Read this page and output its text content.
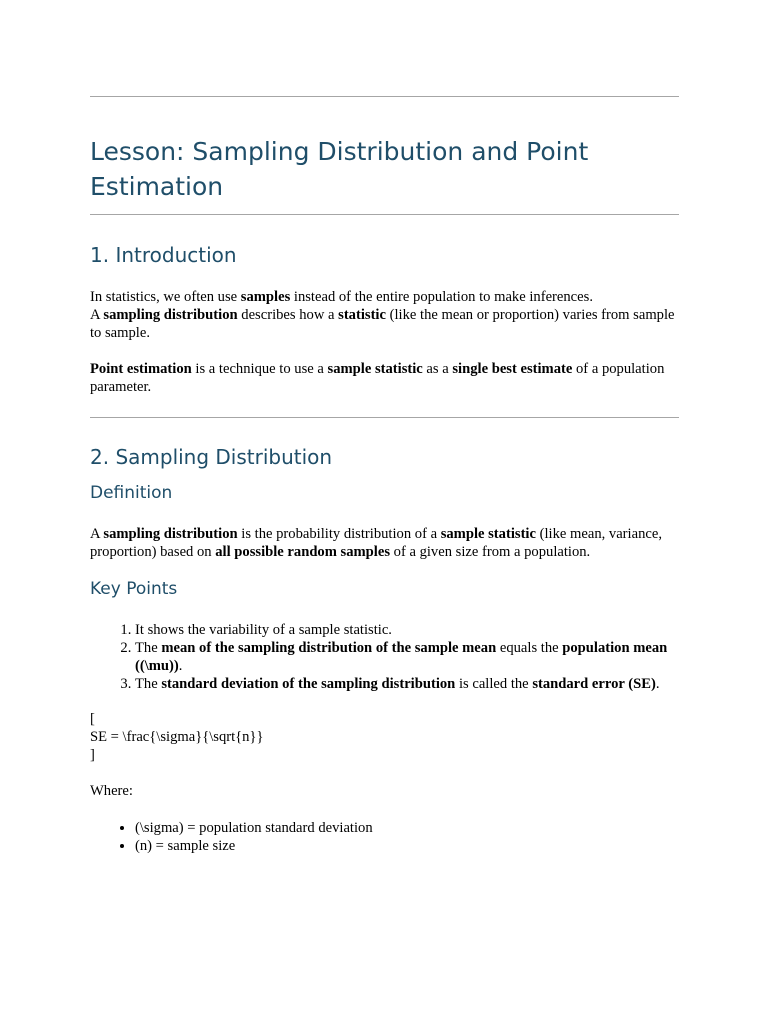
Lesson: Sampling Distribution and Point Estimation
1. Introduction

In statistics, we often use samples instead of the entire population to make inferences.
A sampling distribution describes how a statistic (like the mean or proportion) varies from sample to sample.

Point estimation is a technique to use a sample statistic as a single best estimate of a population parameter.

2. Sampling Distribution
Definition

A sampling distribution is the probability distribution of a sample statistic (like mean, variance, proportion) based on all possible random samples of a given size from a population.

Key Points
1. It shows the variability of a sample statistic.
2. The mean of the sampling distribution of the sample mean equals the population mean ((\mu)).
3. The standard deviation of the sampling distribution is called the standard error (SE).

[
SE = \frac{\sigma}{\sqrt{n}}
]

Where:

• (\sigma) = population standard deviation
• (n) = sample size
